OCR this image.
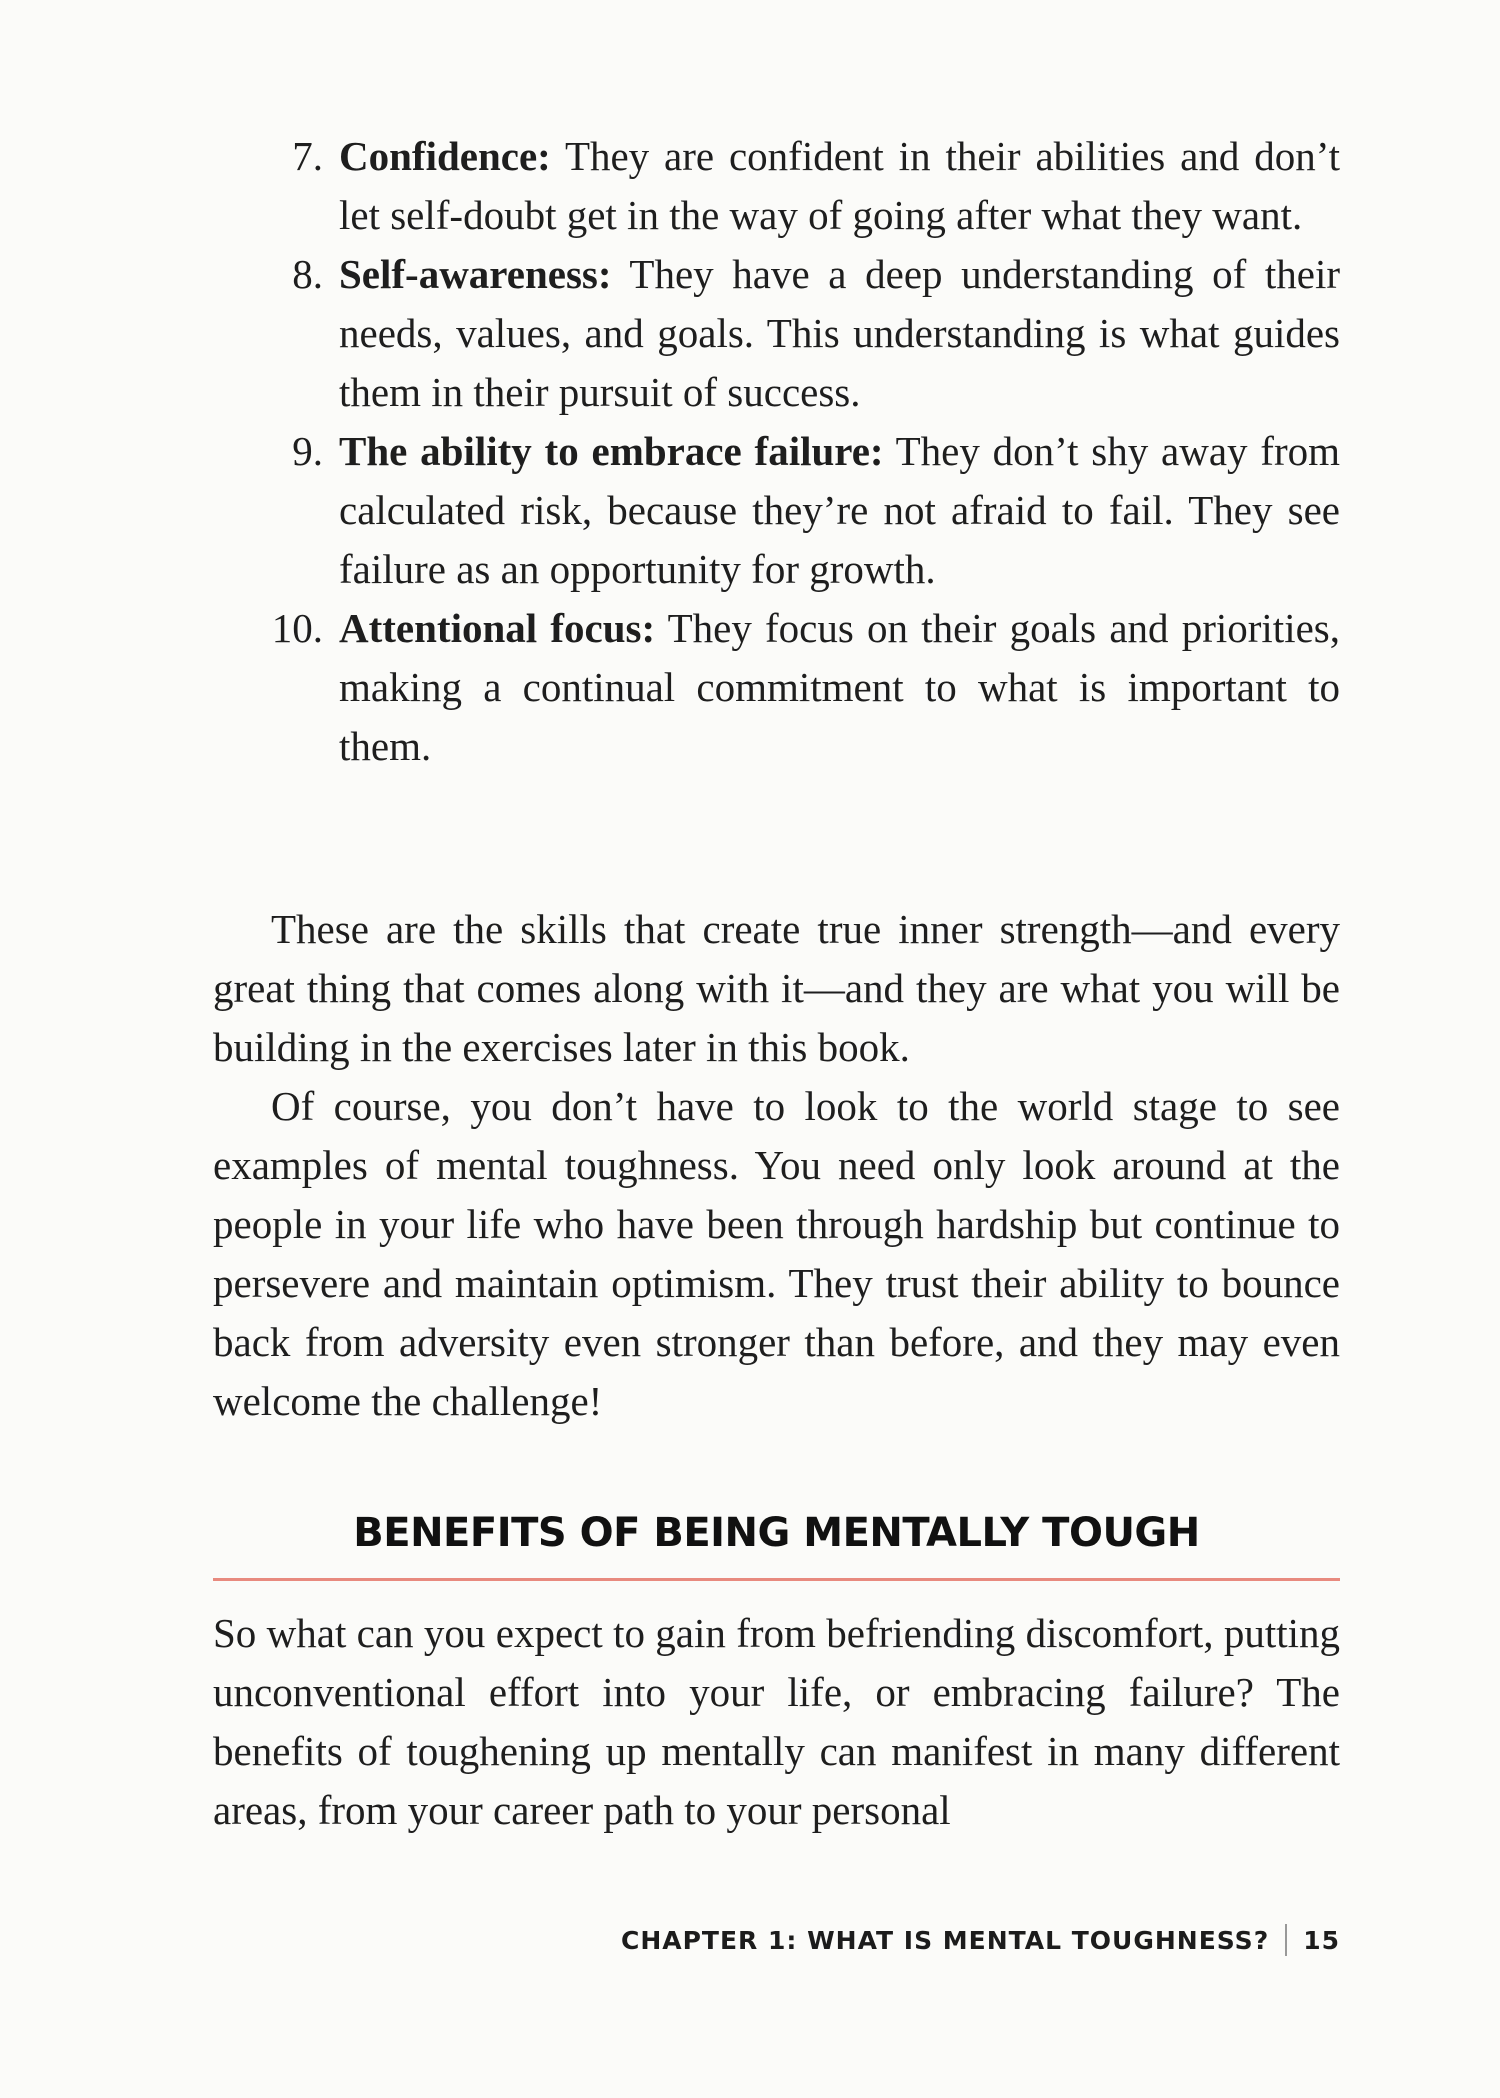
7. Confidence: They are confident in their abilities and don’t let self-doubt get in the way of going after what they want.
8. Self-awareness: They have a deep understanding of their needs, values, and goals. This understanding is what guides them in their pursuit of success.
9. The ability to embrace failure: They don’t shy away from calculated risk, because they’re not afraid to fail. They see failure as an opportunity for growth.
10. Attentional focus: They focus on their goals and priorities, making a continual commitment to what is important to them.

These are the skills that create true inner strength—and every great thing that comes along with it—and they are what you will be building in the exercises later in this book.

Of course, you don’t have to look to the world stage to see examples of mental toughness. You need only look around at the people in your life who have been through hardship but continue to persevere and maintain optimism. They trust their ability to bounce back from adversity even stronger than before, and they may even welcome the challenge!

BENEFITS OF BEING MENTALLY TOUGH

So what can you expect to gain from befriending discomfort, putting unconventional effort into your life, or embracing failure? The benefits of toughening up mentally can manifest in many different areas, from your career path to your personal

CHAPTER 1: WHAT IS MENTAL TOUGHNESS? 15
